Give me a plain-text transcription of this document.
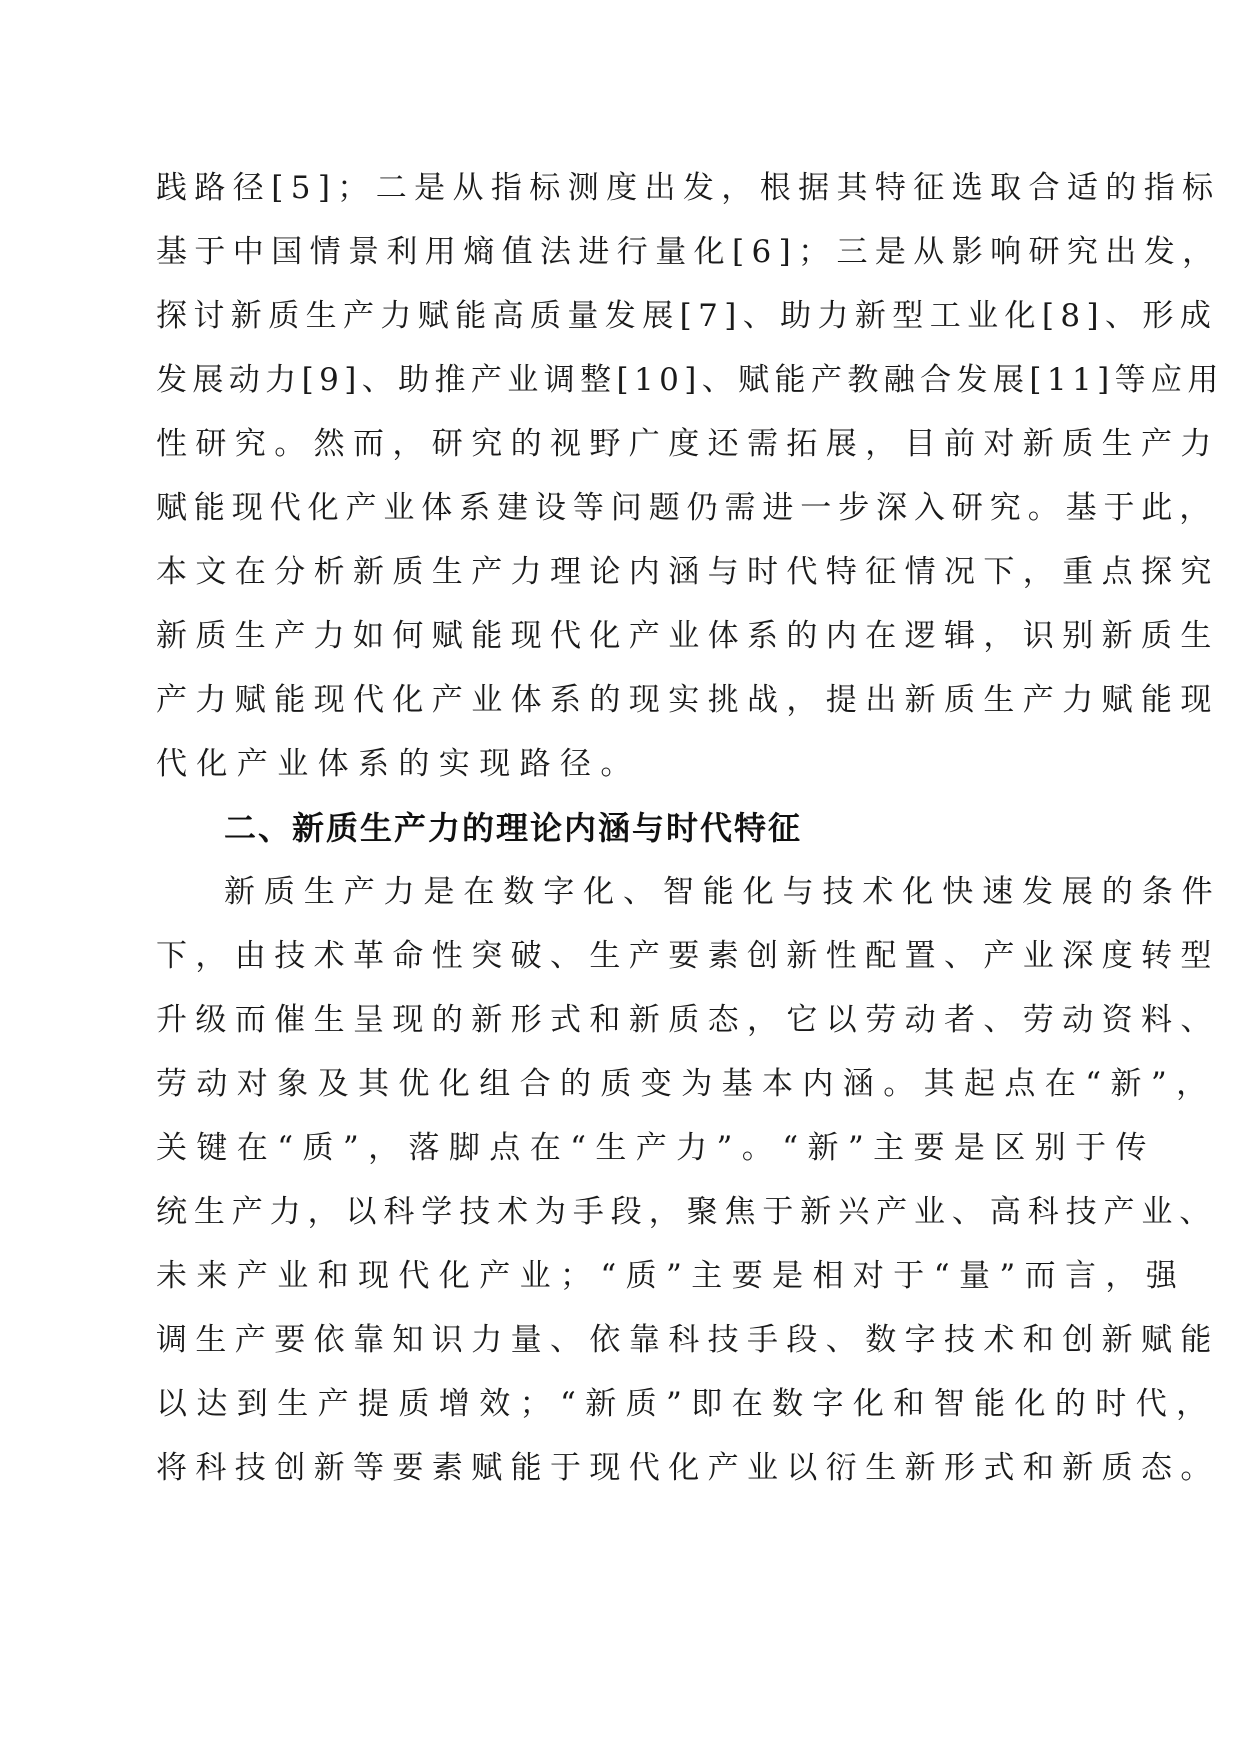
践路径[5]；二是从指标测度出发，根据其特征选取合适的指标
基于中国情景利用熵值法进行量化[6]；三是从影响研究出发，
探讨新质生产力赋能高质量发展[7]、助力新型工业化[8]、形成
发展动力[9]、助推产业调整[10]、赋能产教融合发展[11]等应用
性研究。然而，研究的视野广度还需拓展，目前对新质生产力
赋能现代化产业体系建设等问题仍需进一步深入研究。基于此，
本文在分析新质生产力理论内涵与时代特征情况下，重点探究
新质生产力如何赋能现代化产业体系的内在逻辑，识别新质生
产力赋能现代化产业体系的现实挑战，提出新质生产力赋能现
代化产业体系的实现路径。
二、新质生产力的理论内涵与时代特征
新质生产力是在数字化、智能化与技术化快速发展的条件
下，由技术革命性突破、生产要素创新性配置、产业深度转型
升级而催生呈现的新形式和新质态，它以劳动者、劳动资料、
劳动对象及其优化组合的质变为基本内涵。其起点在“新”，
关键在“质”，落脚点在“生产力”。“新”主要是区别于传
统生产力，以科学技术为手段，聚焦于新兴产业、高科技产业、
未来产业和现代化产业；“质”主要是相对于“量”而言，强
调生产要依靠知识力量、依靠科技手段、数字技术和创新赋能
以达到生产提质增效；“新质”即在数字化和智能化的时代，
将科技创新等要素赋能于现代化产业以衍生新形式和新质态。
